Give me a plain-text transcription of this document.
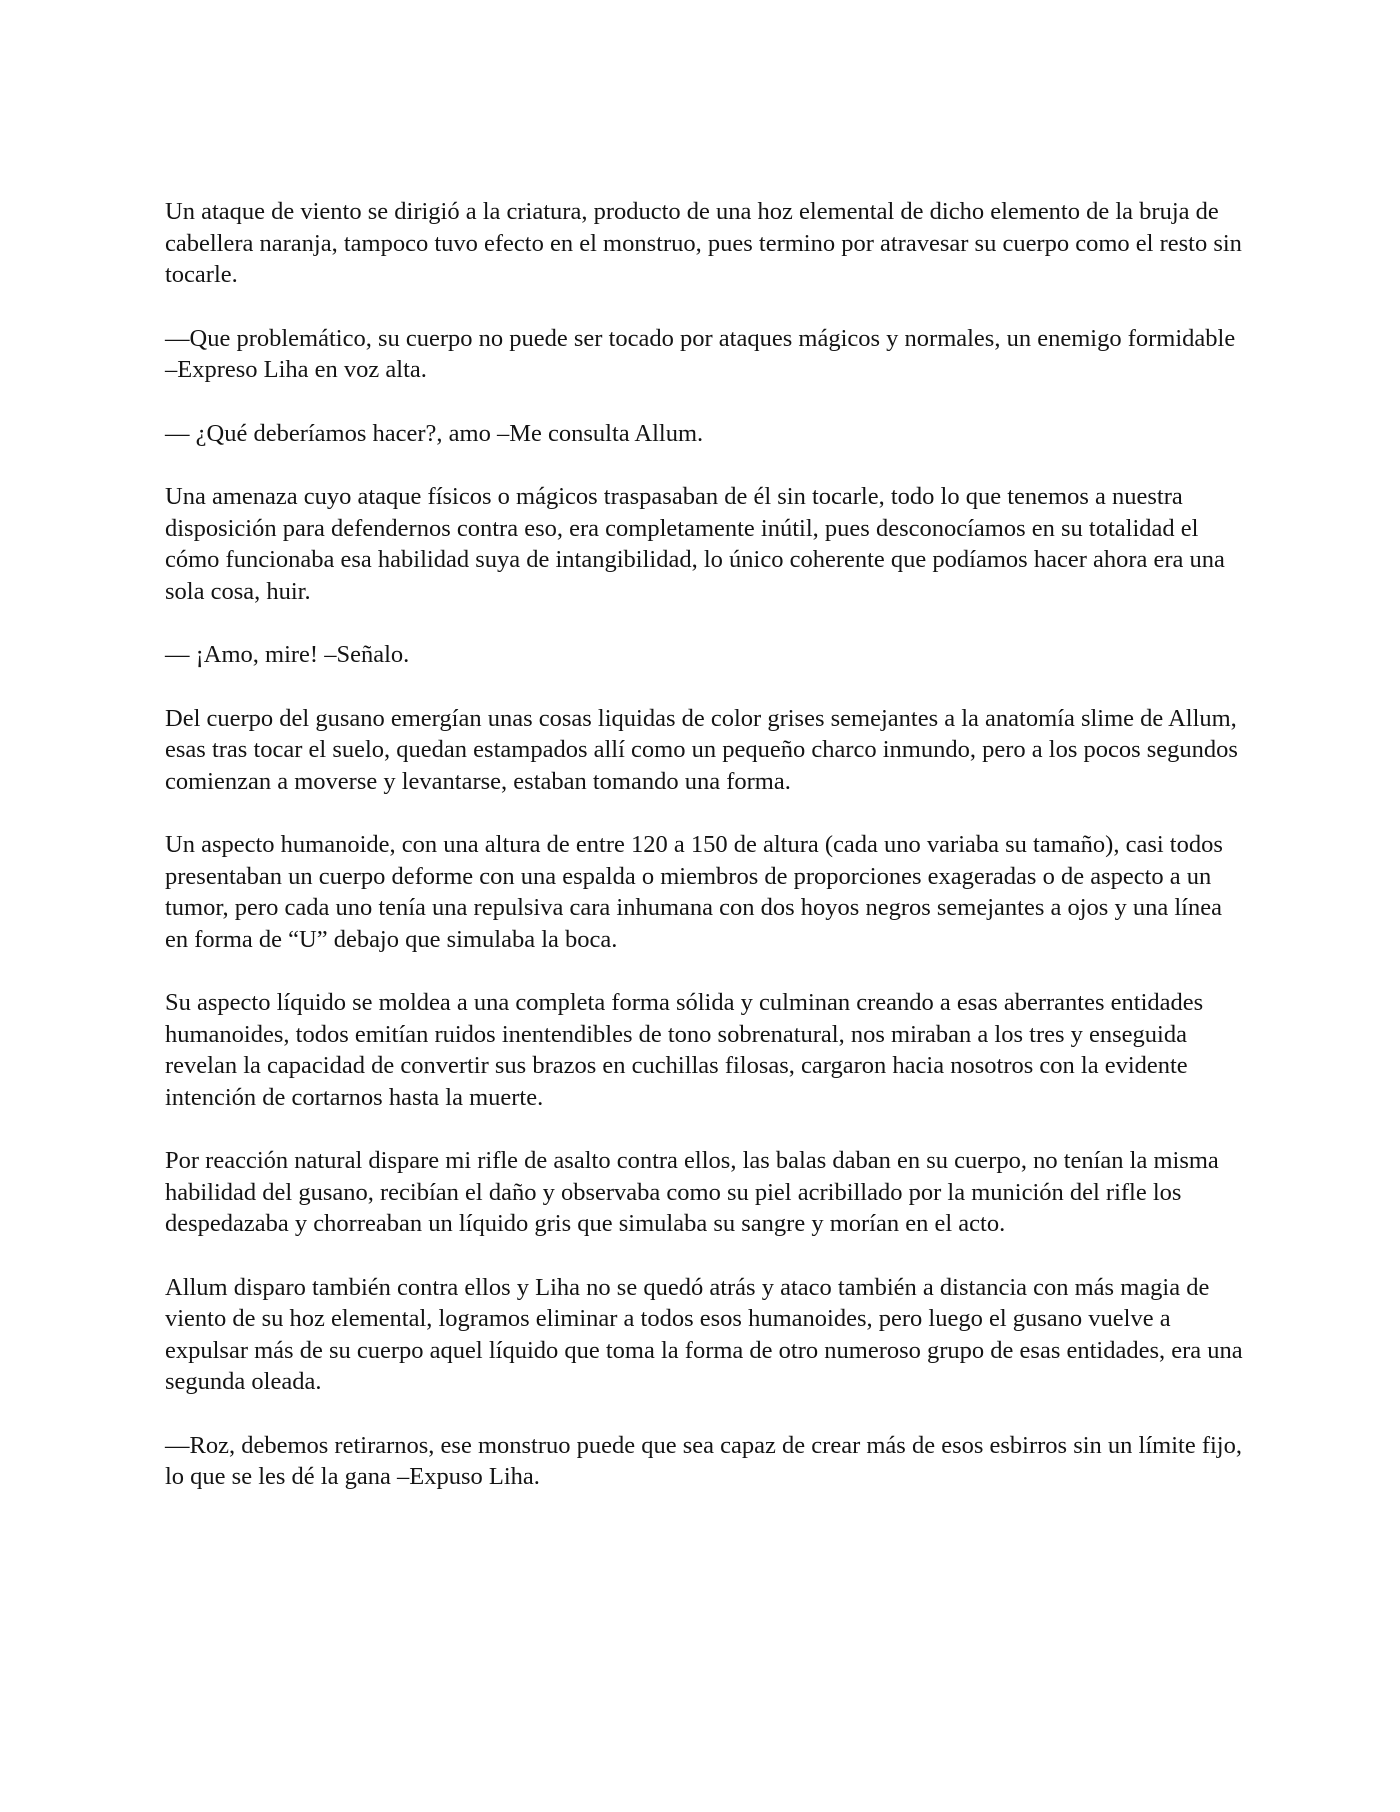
Un ataque de viento se dirigió a la criatura, producto de una hoz elemental de dicho elemento de la bruja de cabellera naranja, tampoco tuvo efecto en el monstruo, pues termino por atravesar su cuerpo como el resto sin tocarle.

—Que problemático, su cuerpo no puede ser tocado por ataques mágicos y normales, un enemigo formidable –Expreso Liha en voz alta.

— ¿Qué deberíamos hacer?, amo –Me consulta Allum.

Una amenaza cuyo ataque físicos o mágicos traspasaban de él sin tocarle, todo lo que tenemos a nuestra disposición para defendernos contra eso, era completamente inútil, pues desconocíamos en su totalidad el cómo funcionaba esa habilidad suya de intangibilidad, lo único coherente que podíamos hacer ahora era una sola cosa, huir.

— ¡Amo, mire! –Señalo.

Del cuerpo del gusano emergían unas cosas liquidas de color grises semejantes a la anatomía slime de Allum, esas tras tocar el suelo, quedan estampados allí como un pequeño charco inmundo, pero a los pocos segundos comienzan a moverse y levantarse, estaban tomando una forma.

Un aspecto humanoide, con una altura de entre 120 a 150 de altura (cada uno variaba su tamaño), casi todos presentaban un cuerpo deforme con una espalda o miembros de proporciones exageradas o de aspecto a un tumor, pero cada uno tenía una repulsiva cara inhumana con dos hoyos negros semejantes a ojos y una línea en forma de “U” debajo que simulaba la boca.

Su aspecto líquido se moldea a una completa forma sólida y culminan creando a esas aberrantes entidades humanoides, todos emitían ruidos inentendibles de tono sobrenatural, nos miraban a los tres y enseguida revelan la capacidad de convertir sus brazos en cuchillas filosas, cargaron hacia nosotros con la evidente intención de cortarnos hasta la muerte.

Por reacción natural dispare mi rifle de asalto contra ellos, las balas daban en su cuerpo, no tenían la misma habilidad del gusano, recibían el daño y observaba como su piel acribillado por la munición del rifle los despedazaba y chorreaban un líquido gris que simulaba su sangre y morían en el acto.

Allum disparo también contra ellos y Liha no se quedó atrás y ataco también a distancia con más magia de viento de su hoz elemental, logramos eliminar a todos esos humanoides, pero luego el gusano vuelve a expulsar más de su cuerpo aquel líquido que toma la forma de otro numeroso grupo de esas entidades, era una segunda oleada.

—Roz, debemos retirarnos, ese monstruo puede que sea capaz de crear más de esos esbirros sin un límite fijo, lo que se les dé la gana –Expuso Liha.
